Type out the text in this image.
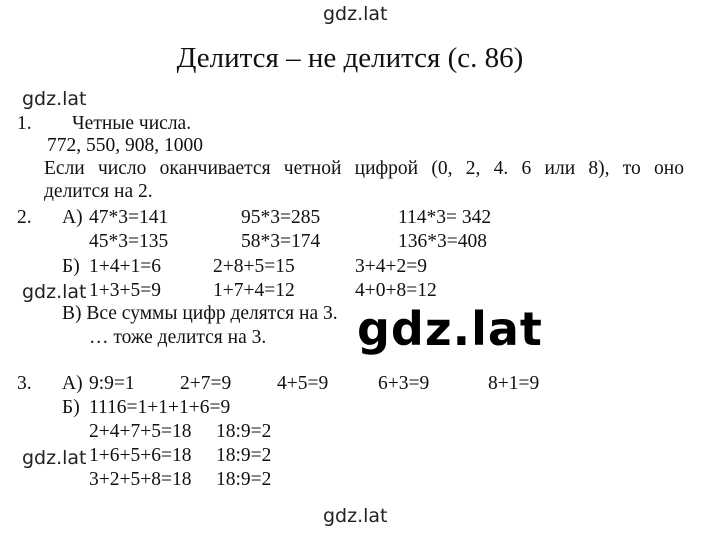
gdz.lat
gdz.lat
gdz.lat
gdz.lat
gdz.lat
gdz.lat
Делится – не делится (с. 86)
1. Четные числа.
772, 550, 908, 1000
Если число оканчивается четной цифрой (0, 2, 4. 6 или 8), то оно
делится на 2.
2. А) 47*3=141	95*3=285	114*3= 342
45*3=135	58*3=174	136*3=408
Б) 1+4+1=6	2+8+5=15	3+4+2=9
1+3+5=9	1+7+4=12	4+0+8=12
В) Все суммы цифр делятся на 3.
… тоже делится на 3.
3. А) 9:9=1 2+7=9 4+5=9	6+3=9	8+1=9
Б) 1116=1+1+1+6=9
2+4+7+5=18 18:9=2
1+6+5+6=18 18:9=2
3+2+5+8=18 18:9=2
